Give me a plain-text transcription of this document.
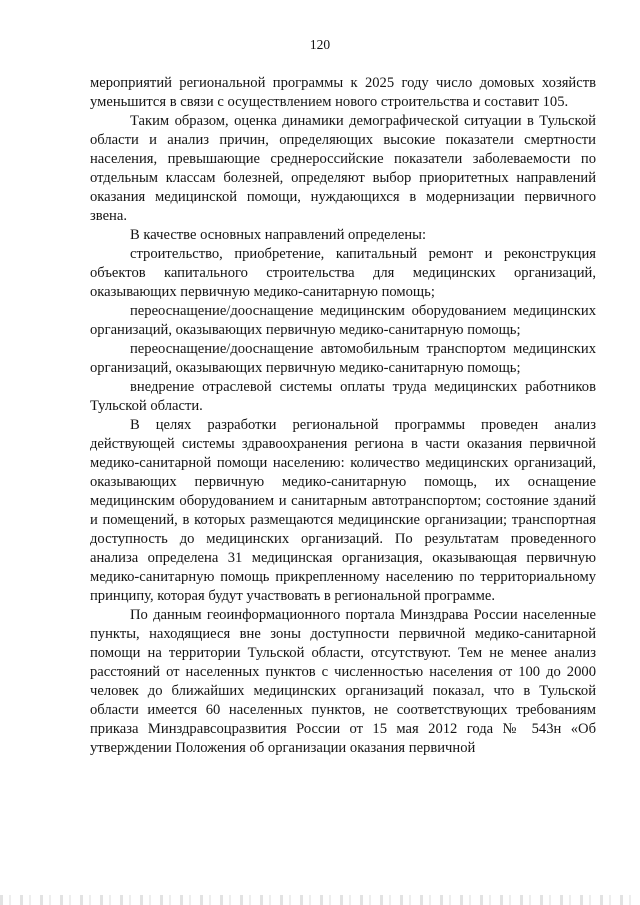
120

мероприятий региональной программы к 2025 году число домовых хозяйств уменьшится в связи с осуществлением нового строительства и составит 105.

Таким образом, оценка динамики демографической ситуации в Тульской области и анализ причин, определяющих высокие показатели смертности населения, превышающие среднероссийские показатели заболеваемости по отдельным классам болезней, определяют выбор приоритетных направлений оказания медицинской помощи, нуждающихся в модернизации первичного звена.

В качестве основных направлений определены:

строительство, приобретение, капитальный ремонт и реконструкция объектов капитального строительства для медицинских организаций, оказывающих первичную медико-санитарную помощь;

переоснащение/дооснащение медицинским оборудованием медицинских организаций, оказывающих первичную медико-санитарную помощь;

переоснащение/дооснащение автомобильным транспортом медицинских организаций, оказывающих первичную медико-санитарную помощь;

внедрение отраслевой системы оплаты труда медицинских работников Тульской области.

В целях разработки региональной программы проведен анализ действующей системы здравоохранения региона в части оказания первичной медико-санитарной помощи населению: количество медицинских организаций, оказывающих первичную медико-санитарную помощь, их оснащение медицинским оборудованием и санитарным автотранспортом; состояние зданий и помещений, в которых размещаются медицинские организации; транспортная доступность до медицинских организаций. По результатам проведенного анализа определена 31 медицинская организация, оказывающая первичную медико-санитарную помощь прикрепленному населению по территориальному принципу, которая будут участвовать в региональной программе.

По данным геоинформационного портала Минздрава России населенные пункты, находящиеся вне зоны доступности первичной медико-санитарной помощи на территории Тульской области, отсутствуют. Тем не менее анализ расстояний от населенных пунктов с численностью населения от 100 до 2000 человек до ближайших медицинских организаций показал, что в Тульской области имеется 60 населенных пунктов, не соответствующих требованиям приказа Минздравсоцразвития России от 15 мая 2012 года № 543н «Об утверждении Положения об организации оказания первичной
